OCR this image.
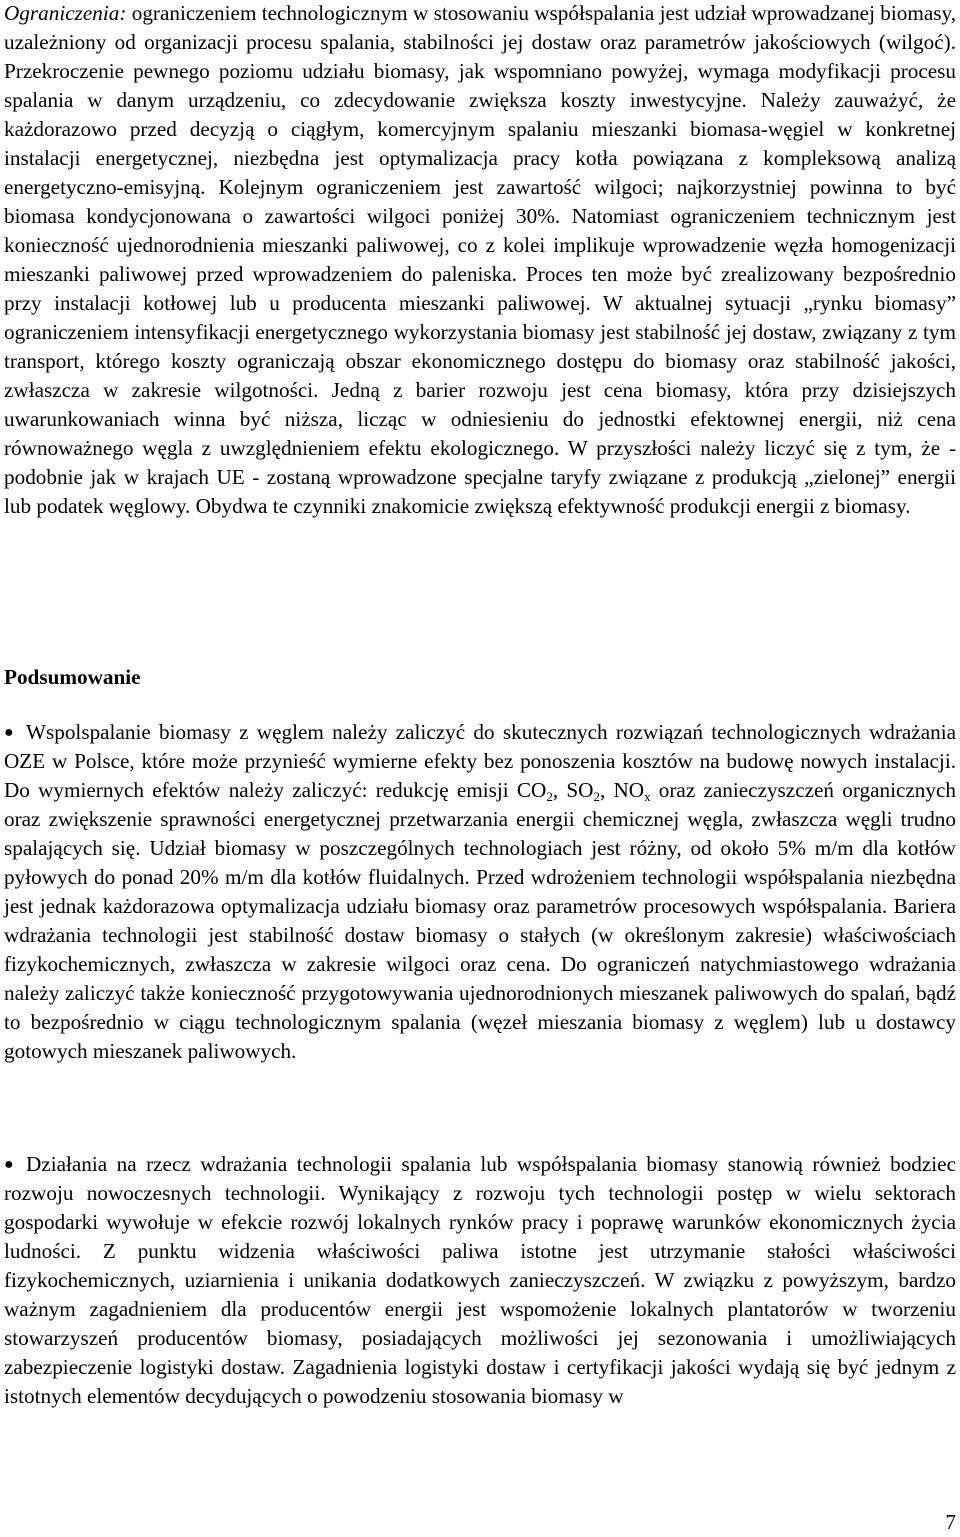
Ograniczenia: ograniczeniem technologicznym w stosowaniu współspalania jest udział wprowadzanej biomasy, uzależniony od organizacji procesu spalania, stabilności jej dostaw oraz parametrów jakościowych (wilgoć). Przekroczenie pewnego poziomu udziału biomasy, jak wspomniano powyżej, wymaga modyfikacji procesu spalania w danym urządzeniu, co zdecydowanie zwiększa koszty inwestycyjne. Należy zauważyć, że każdorazowo przed decyzją o ciągłym, komercyjnym spalaniu mieszanki biomasa-węgiel w konkretnej instalacji energetycznej, niezbędna jest optymalizacja pracy kotła powiązana z kompleksową analizą energetyczno-emisyjną. Kolejnym ograniczeniem jest zawartość wilgoci; najkorzystniej powinna to być biomasa kondycjonowana o zawartości wilgoci poniżej 30%. Natomiast ograniczeniem technicznym jest konieczność ujednorodnienia mieszanki paliwowej, co z kolei implikuje wprowadzenie węzła homogenizacji mieszanki paliwowej przed wprowadzeniem do paleniska. Proces ten może być zrealizowany bezpośrednio przy instalacji kotłowej lub u producenta mieszanki paliwowej. W aktualnej sytuacji „rynku biomasy” ograniczeniem intensyfikacji energetycznego wykorzystania biomasy jest stabilność jej dostaw, związany z tym transport, którego koszty ograniczają obszar ekonomicznego dostępu do biomasy oraz stabilność jakości, zwłaszcza w zakresie wilgotności. Jedną z barier rozwoju jest cena biomasy, która przy dzisiejszych uwarunkowaniach winna być niższa, licząc w odniesieniu do jednostki efektownej energii, niż cena równoważnego węgla z uwzględnieniem efektu ekologicznego. W przyszłości należy liczyć się z tym, że - podobnie jak w krajach UE - zostaną wprowadzone specjalne taryfy związane z produkcją „zielonej” energii lub podatek węglowy. Obydwa te czynniki znakomicie zwiększą efektywność produkcji energii z biomasy.

Podsumowanie
● Wspolspalanie biomasy z węglem należy zaliczyć do skutecznych rozwiązań technologicznych wdrażania OZE w Polsce, które może przynieść wymierne efekty bez ponoszenia kosztów na budowę nowych instalacji. Do wymiernych efektów należy zaliczyć: redukcję emisji $CO_2$, $SO_2$, $NO_x$ oraz zanieczyszczeń organicznych oraz zwiększenie sprawności energetycznej przetwarzania energii chemicznej węgla, zwłaszcza węgli trudno spalających się. Udział biomasy w poszczególnych technologiach jest różny, od około 5% m/m dla kotłów pyłowych do ponad 20% m/m dla kotłów fluidalnych. Przed wdrożeniem technologii współspalania niezbędna jest jednak każdorazowa optymalizacja udziału biomasy oraz parametrów procesowych współspalania. Bariera wdrażania technologii jest stabilność dostaw biomasy o stałych (w określonym zakresie) właściwościach fizykochemicznych, zwłaszcza w zakresie wilgoci oraz cena. Do ograniczeń natychmiastowego wdrażania należy zaliczyć także konieczność przygotowywania ujednorodnionych mieszanek paliwowych do spalań, bądź to bezpośrednio w ciągu technologicznym spalania (węzeł mieszania biomasy z węglem) lub u dostawcy gotowych mieszanek paliwowych.
● Działania na rzecz wdrażania technologii spalania lub współspalania biomasy stanowią również bodziec rozwoju nowoczesnych technologii. Wynikający z rozwoju tych technologii postęp w wielu sektorach gospodarki wywołuje w efekcie rozwój lokalnych rynków pracy i poprawę warunków ekonomicznych życia ludności. Z punktu widzenia właściwości paliwa istotne jest utrzymanie stałości właściwości fizykochemicznych, uziarnienia i unikania dodatkowych zanieczyszczeń. W związku z powyższym, bardzo ważnym zagadnieniem dla producentów energii jest wspomożenie lokalnych plantatorów w tworzeniu stowarzyszeń producentów biomasy, posiadających możliwości jej sezonowania i umożliwiających zabezpieczenie logistyki dostaw. Zagadnienia logistyki dostaw i certyfikacji jakości wydają się być jednym z istotnych elementów decydujących o powodzeniu stosowania biomasy w
7
